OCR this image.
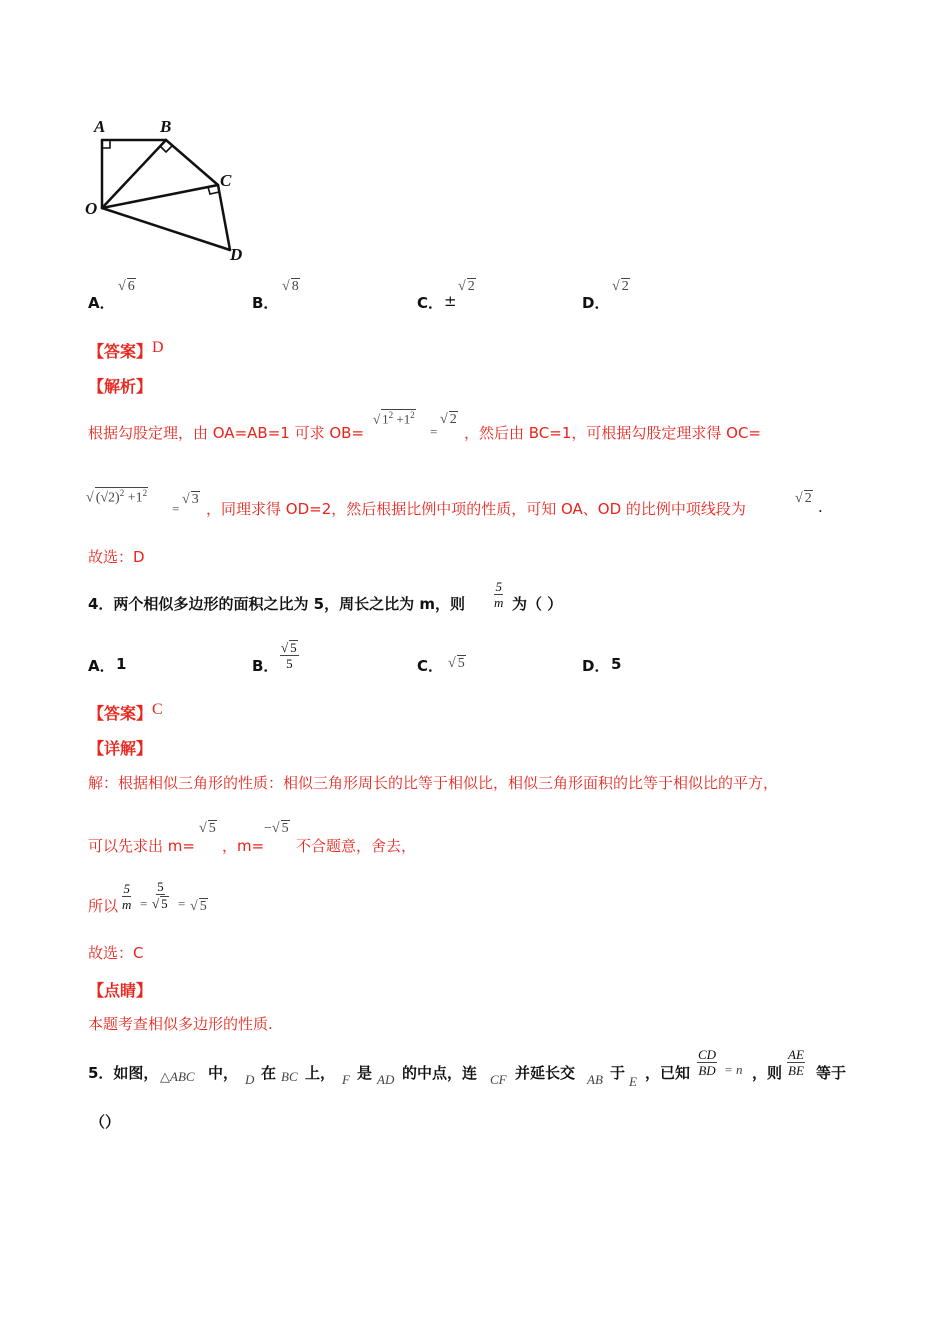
A	B
C
O
D
A．
√ 6
B．
√ 8
C． ±
√ 2
D．
√ 2
【答案】 D
【解析】
根据勾股定理，由 OA=AB=1 可求 OB=
√ $1^2 +1^2$
=
√ 2
，然后由 BC=1，可根据勾股定理求得 OC=
√ $(√2)^2 +1^2$
=
√ 3
，同理求得 OD=2，然后根据比例中项的性质，可知 OA、OD 的比例中项线段为
√ 2 .
故选：D
4．两个相似多边形的面积之比为 5，周长之比为 m，则 $\frac{5}{m}$ 为（ ）
A． 1	B． $\frac{√ 5}{5}$	C． √ 5	D． 5
【答案】 C
【详解】
解：根据相似三角形的性质：相似三角形周长的比等于相似比，相似三角形面积的比等于相似比的平方，
可以先求出 m=
√ 5
，m=
−√ 5
不合题意，舍去，
所以 $\frac{5}{m} = \frac{5}{√ 5}$ = √ 5
故选：C
【点睛】
本题考查相似多边形的性质.
5．如图， △ABC 中， D 在 BC 上， F 是 AD 的中点，连 CF 并延长交 AB 于 E ，已知 $\frac{CD}{BD} = n$ ，则 $\frac{AE}{BE}$ 等于
（）
